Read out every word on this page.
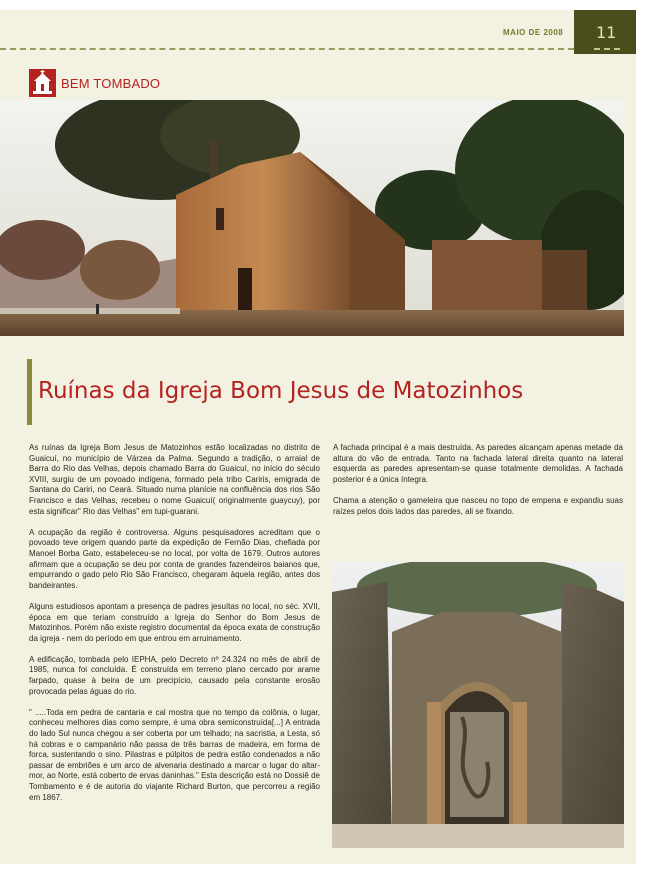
11
MAIO DE 2008
BEM TOMBADO
Ruínas da Igreja Bom Jesus de Matozinhos

As ruínas da Igreja Bom Jesus de Matozinhos estão localizadas no distrito de Guaicuí, no município de Várzea da Palma. Segundo a tradição, o arraial de Barra do Rio das Velhas, depois chamado Barra do Guaicuí, no início do século XVIII, surgiu de um povoado indígena, formado pela tribo Cariris, emigrada de Santana do Cariri, no Ceará. Situado numa planície na confluência dos rios São Francisco e das Velhas, recebeu o nome Guaicuí( originalmente guaycuy), por esta significar" Rio das Velhas" em tupi-guarani.

A ocupação da região é controversa. Alguns pesquisadores acreditam que o povoado teve origem quando parte da expedição de Fernão Dias, chefiada por Manoel Borba Gato, estabeleceu-se no local, por volta de 1679. Outros autores afirmam que a ocupação se deu por conta de grandes fazendeiros baianos que, empurrando o gado pelo Rio São Francisco, chegaram àquela região, antes dos bandeirantes.

Alguns estudiosos apontam a presença de padres jesuítas no local, no séc. XVII, época em que teriam construído a Igreja do Senhor do Bom Jesus de Matozinhos. Porém não existe registro documental da época exata de construção da igreja - nem do período em que entrou em arruinamento.

A edificação, tombada pelo IEPHA, pelo Decreto nº 24.324 no mês de abril de 1985, nunca foi concluída. É construída em terreno plano cercado por arame farpado, quase à beira de um precipício, causado pela constante erosão provocada pelas águas do rio.

" .....Toda em pedra de cantaria e cal mostra que no tempo da colônia, o lugar, conheceu melhores dias como sempre, é uma obra semiconstruída[...] A entrada do lado Sul nunca chegou a ser coberta por um telhado; na sacristia, a Lesta, só há cobras e o campanário não passa de três barras de madeira, em forma de forca, sustentando o sino. Pilastras e púlpitos de pedra estão condenados a não passar de embriões e um arco de alvenaria destinado a marcar o lugar do altar-mor, ao Norte, está coberto de ervas daninhas." Esta descrição está no Dossiê de Tombamento e é de autoria do viajante Richard Burton, que percorreu a região em 1867.

A fachada principal é a mais destruída. As paredes alcançam apenas metade da altura do vão de entrada. Tanto na fachada lateral direita quanto na lateral esquerda as paredes apresentam-se quase totalmente demolidas. A fachada posterior é a única íntegra.

Chama a atenção o gameleira que nasceu no topo de empena e expandiu suas raízes pelos dois lados das paredes, ali se fixando.
